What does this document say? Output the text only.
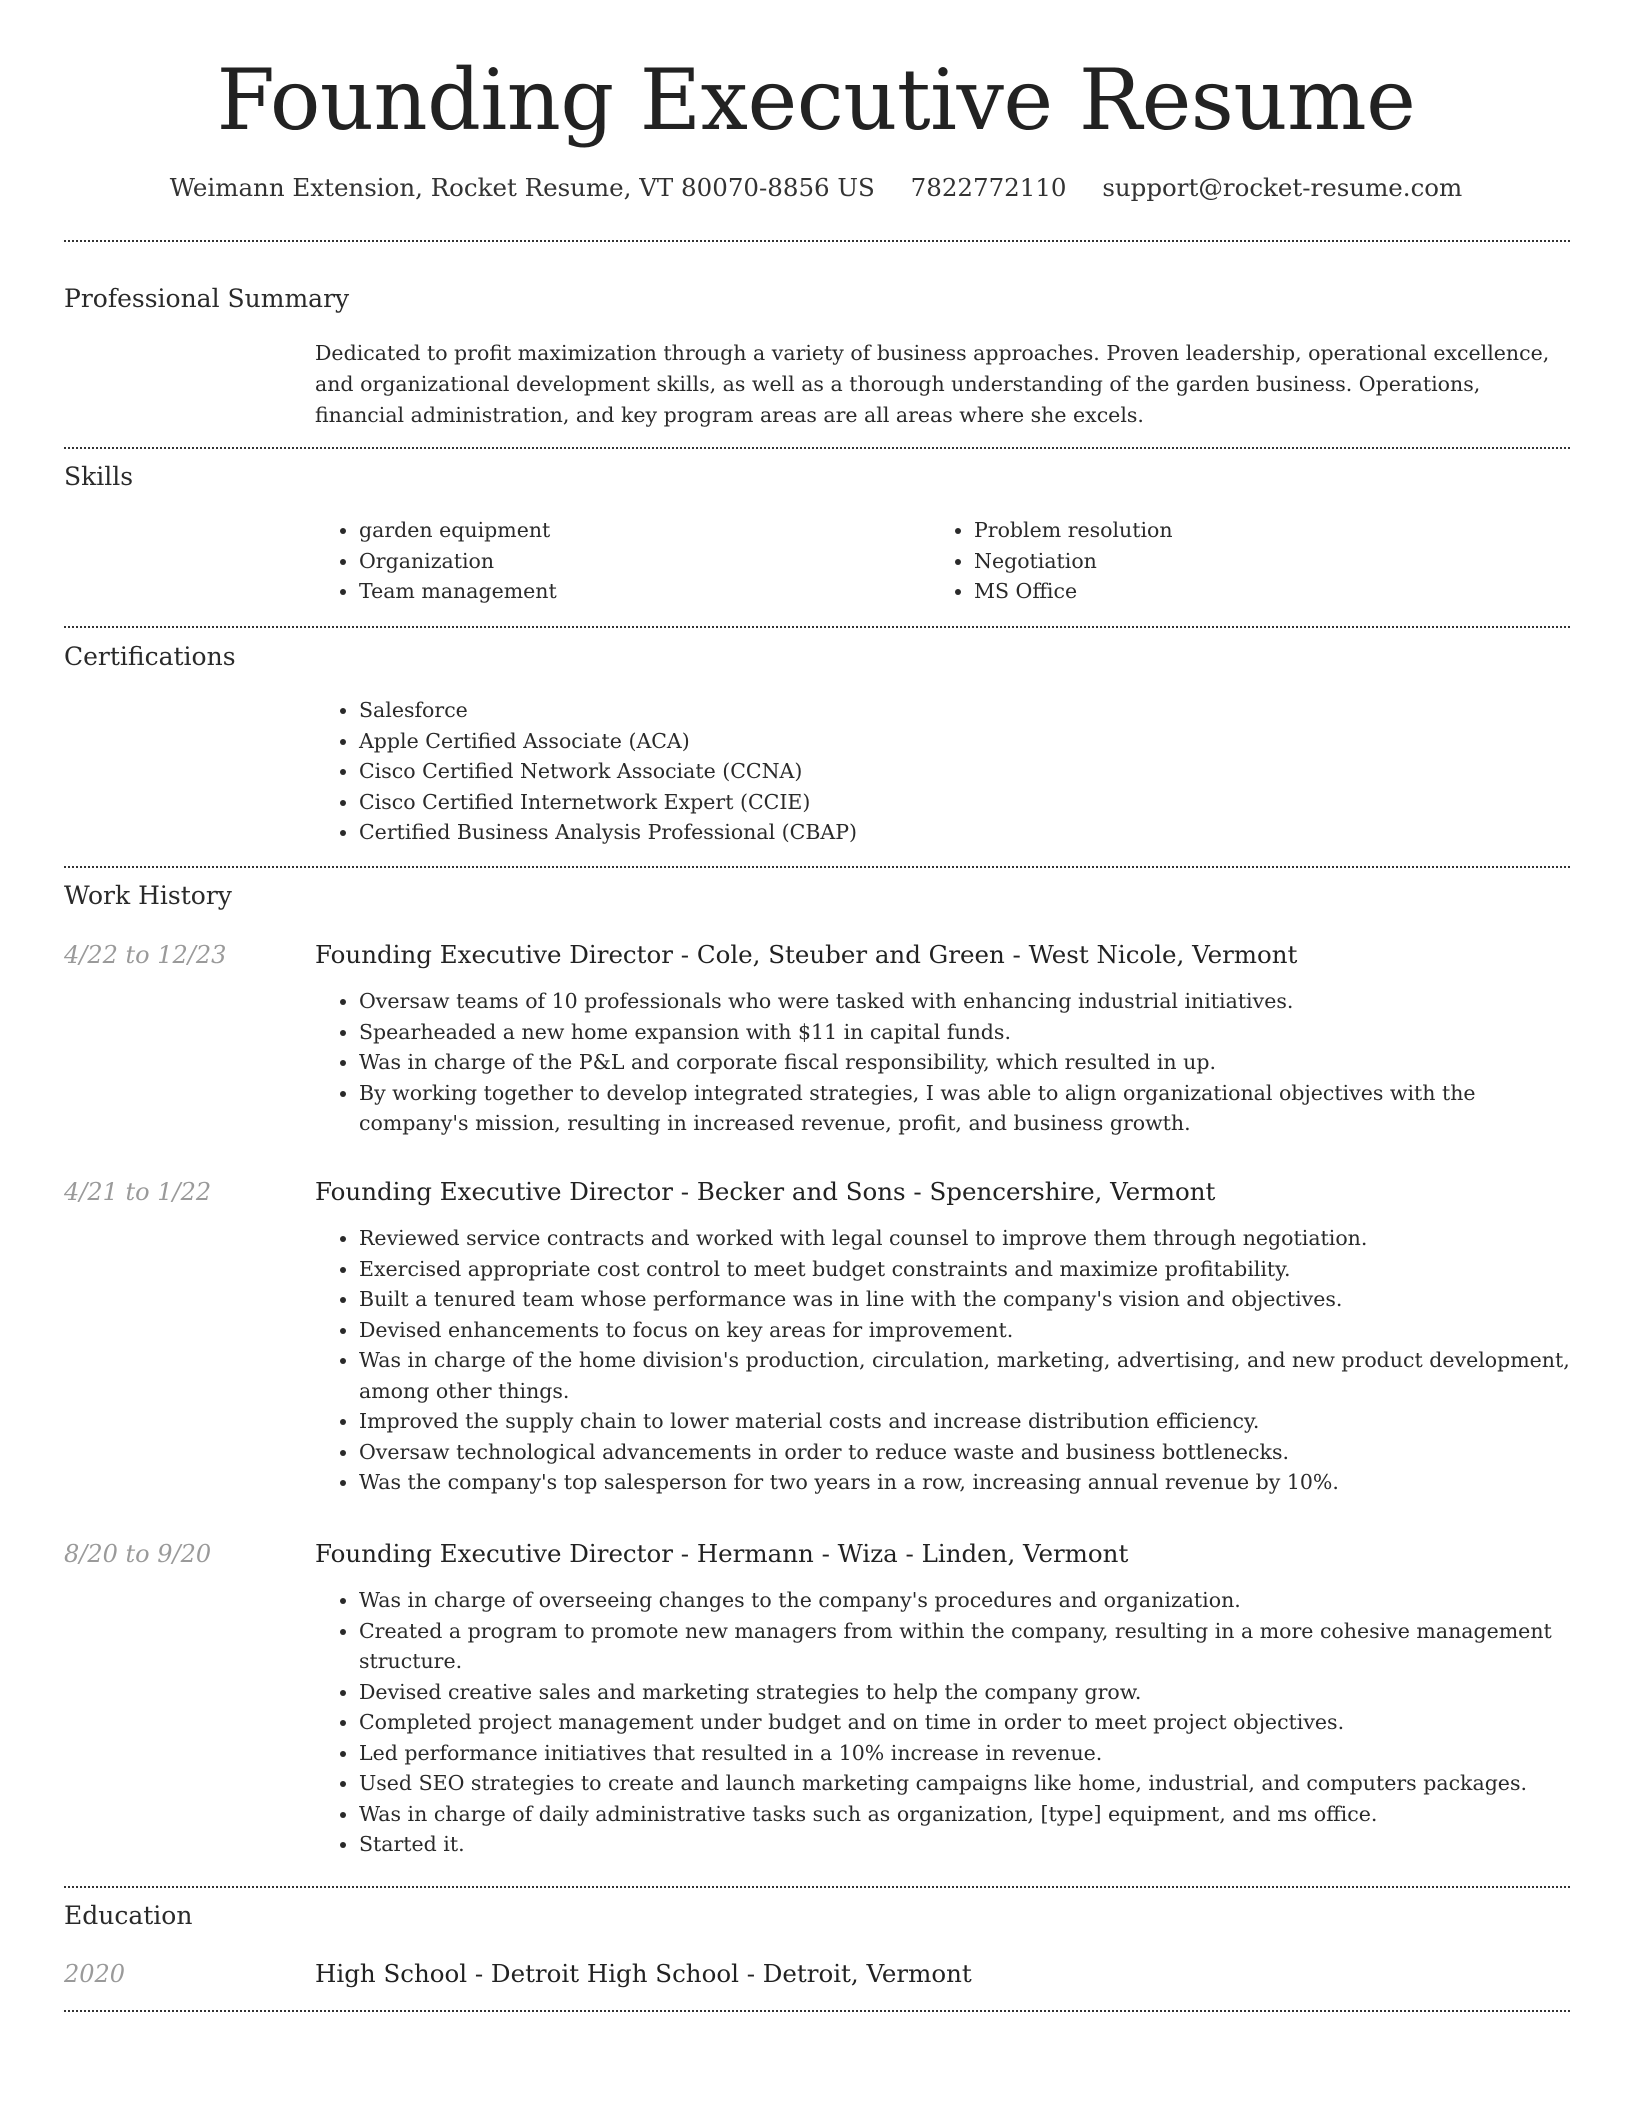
Founding Executive Resume
Weimann Extension, Rocket Resume, VT 80070-8856 US 7822772110 support@rocket-resume.com
Professional Summary

Dedicated to profit maximization through a variety of business approaches. Proven leadership, operational excellence, and organizational development skills, as well as a thorough understanding of the garden business. Operations, financial administration, and key program areas are all areas where she excels.

Skills
• garden equipment
• Organization
• Team management
• Problem resolution
• Negotiation
• MS Office
Certifications
• Salesforce
• Apple Certified Associate (ACA)
• Cisco Certified Network Associate (CCNA)
• Cisco Certified Internetwork Expert (CCIE)
• Certified Business Analysis Professional (CBAP)
Work History
4/22 to 12/23	Founding Executive Director - Cole, Steuber and Green - West Nicole, Vermont
• Oversaw teams of 10 professionals who were tasked with enhancing industrial initiatives.
• Spearheaded a new home expansion with $11 in capital funds.
• Was in charge of the P&L and corporate fiscal responsibility, which resulted in up.
• By working together to develop integrated strategies, I was able to align organizational objectives with the company's mission, resulting in increased revenue, profit, and business growth.
4/21 to 1/22	Founding Executive Director - Becker and Sons - Spencershire, Vermont
• Reviewed service contracts and worked with legal counsel to improve them through negotiation.
• Exercised appropriate cost control to meet budget constraints and maximize profitability.
• Built a tenured team whose performance was in line with the company's vision and objectives.
• Devised enhancements to focus on key areas for improvement.
• Was in charge of the home division's production, circulation, marketing, advertising, and new product development, among other things.
• Improved the supply chain to lower material costs and increase distribution efficiency.
• Oversaw technological advancements in order to reduce waste and business bottlenecks.
• Was the company's top salesperson for two years in a row, increasing annual revenue by 10%.
8/20 to 9/20	Founding Executive Director - Hermann - Wiza - Linden, Vermont
• Was in charge of overseeing changes to the company's procedures and organization.
• Created a program to promote new managers from within the company, resulting in a more cohesive management structure.
• Devised creative sales and marketing strategies to help the company grow.
• Completed project management under budget and on time in order to meet project objectives.
• Led performance initiatives that resulted in a 10% increase in revenue.
• Used SEO strategies to create and launch marketing campaigns like home, industrial, and computers packages.
• Was in charge of daily administrative tasks such as organization, [type] equipment, and ms office.
• Started it.
Education
2020	High School - Detroit High School - Detroit, Vermont
